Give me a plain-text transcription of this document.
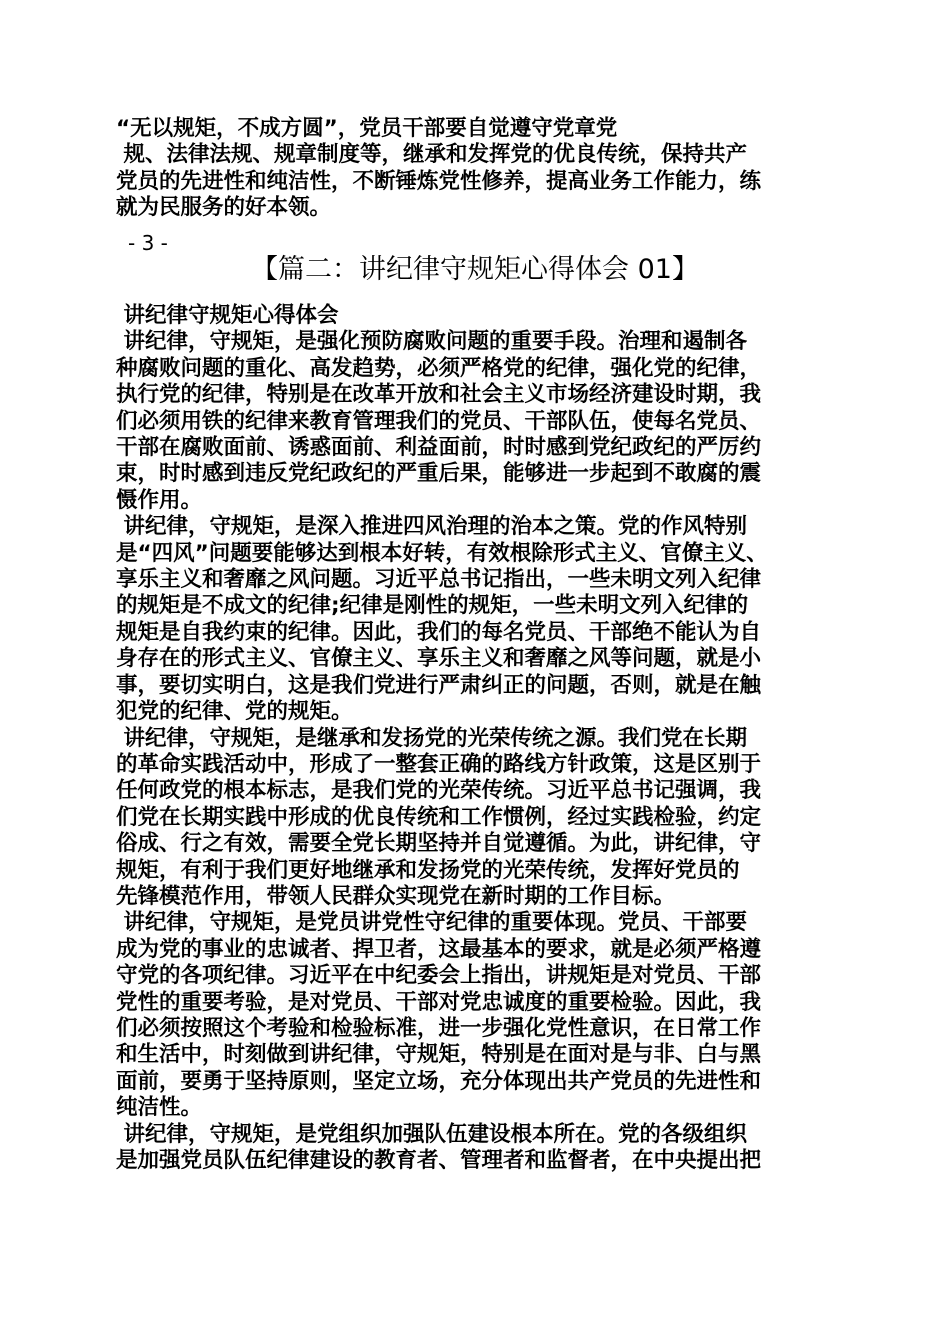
“无以规矩，不成方圆”，党员干部要自觉遵守党章党
规、法律法规、规章制度等，继承和发挥党的优良传统，保持共产
党员的先进性和纯洁性，不断锤炼党性修养，提高业务工作能力，练
就为民服务的好本领。

- 3 -

【篇二：讲纪律守规矩心得体会 01】

讲纪律守规矩心得体会
讲纪律，守规矩，是强化预防腐败问题的重要手段。治理和遏制各
种腐败问题的重化、高发趋势，必须严格党的纪律，强化党的纪律，
执行党的纪律，特别是在改革开放和社会主义市场经济建设时期，我
们必须用铁的纪律来教育管理我们的党员、干部队伍，使每名党员、
干部在腐败面前、诱惑面前、利益面前，时时感到党纪政纪的严厉约
束，时时感到违反党纪政纪的严重后果，能够进一步起到不敢腐的震
慑作用。
讲纪律，守规矩，是深入推进四风治理的治本之策。党的作风特别
是“四风”问题要能够达到根本好转，有效根除形式主义、官僚主义、
享乐主义和奢靡之风问题。习近平总书记指出，一些未明文列入纪律
的规矩是不成文的纪律;纪律是刚性的规矩，一些未明文列入纪律的
规矩是自我约束的纪律。因此，我们的每名党员、干部绝不能认为自
身存在的形式主义、官僚主义、享乐主义和奢靡之风等问题，就是小
事，要切实明白，这是我们党进行严肃纠正的问题，否则，就是在触
犯党的纪律、党的规矩。
讲纪律，守规矩，是继承和发扬党的光荣传统之源。我们党在长期
的革命实践活动中，形成了一整套正确的路线方针政策，这是区别于
任何政党的根本标志，是我们党的光荣传统。习近平总书记强调，我
们党在长期实践中形成的优良传统和工作惯例，经过实践检验，约定
俗成、行之有效，需要全党长期坚持并自觉遵循。为此，讲纪律，守
规矩，有利于我们更好地继承和发扬党的光荣传统，发挥好党员的
先锋模范作用，带领人民群众实现党在新时期的工作目标。
讲纪律，守规矩，是党员讲党性守纪律的重要体现。党员、干部要
成为党的事业的忠诚者、捍卫者，这最基本的要求，就是必须严格遵
守党的各项纪律。习近平在中纪委会上指出，讲规矩是对党员、干部
党性的重要考验，是对党员、干部对党忠诚度的重要检验。因此，我
们必须按照这个考验和检验标准，进一步强化党性意识，在日常工作
和生活中，时刻做到讲纪律，守规矩，特别是在面对是与非、白与黑
面前，要勇于坚持原则，坚定立场，充分体现出共产党员的先进性和
纯洁性。
讲纪律，守规矩，是党组织加强队伍建设根本所在。党的各级组织
是加强党员队伍纪律建设的教育者、管理者和监督者，在中央提出把
